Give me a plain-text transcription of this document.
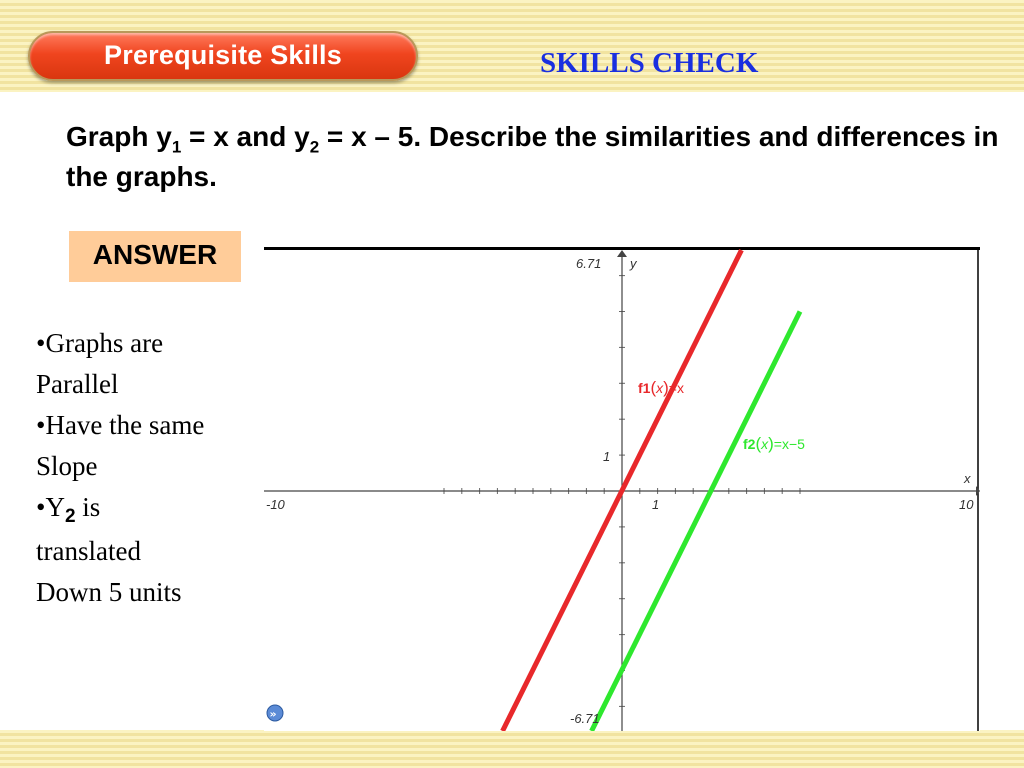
Prerequisite Skills	SKILLS CHECK
Graph $y_1 = x$ and $y_2 = x - 5$. Describe the similarities and differences in the graphs.
ANSWER
•Graphs are
Parallel
•Have the same
Slope
$•Y_2$ is
translated
Down 5 units
6.71 y
1
x
-10	1	10
-6.71
f1(x)=x
f2(x)=x−5
»
